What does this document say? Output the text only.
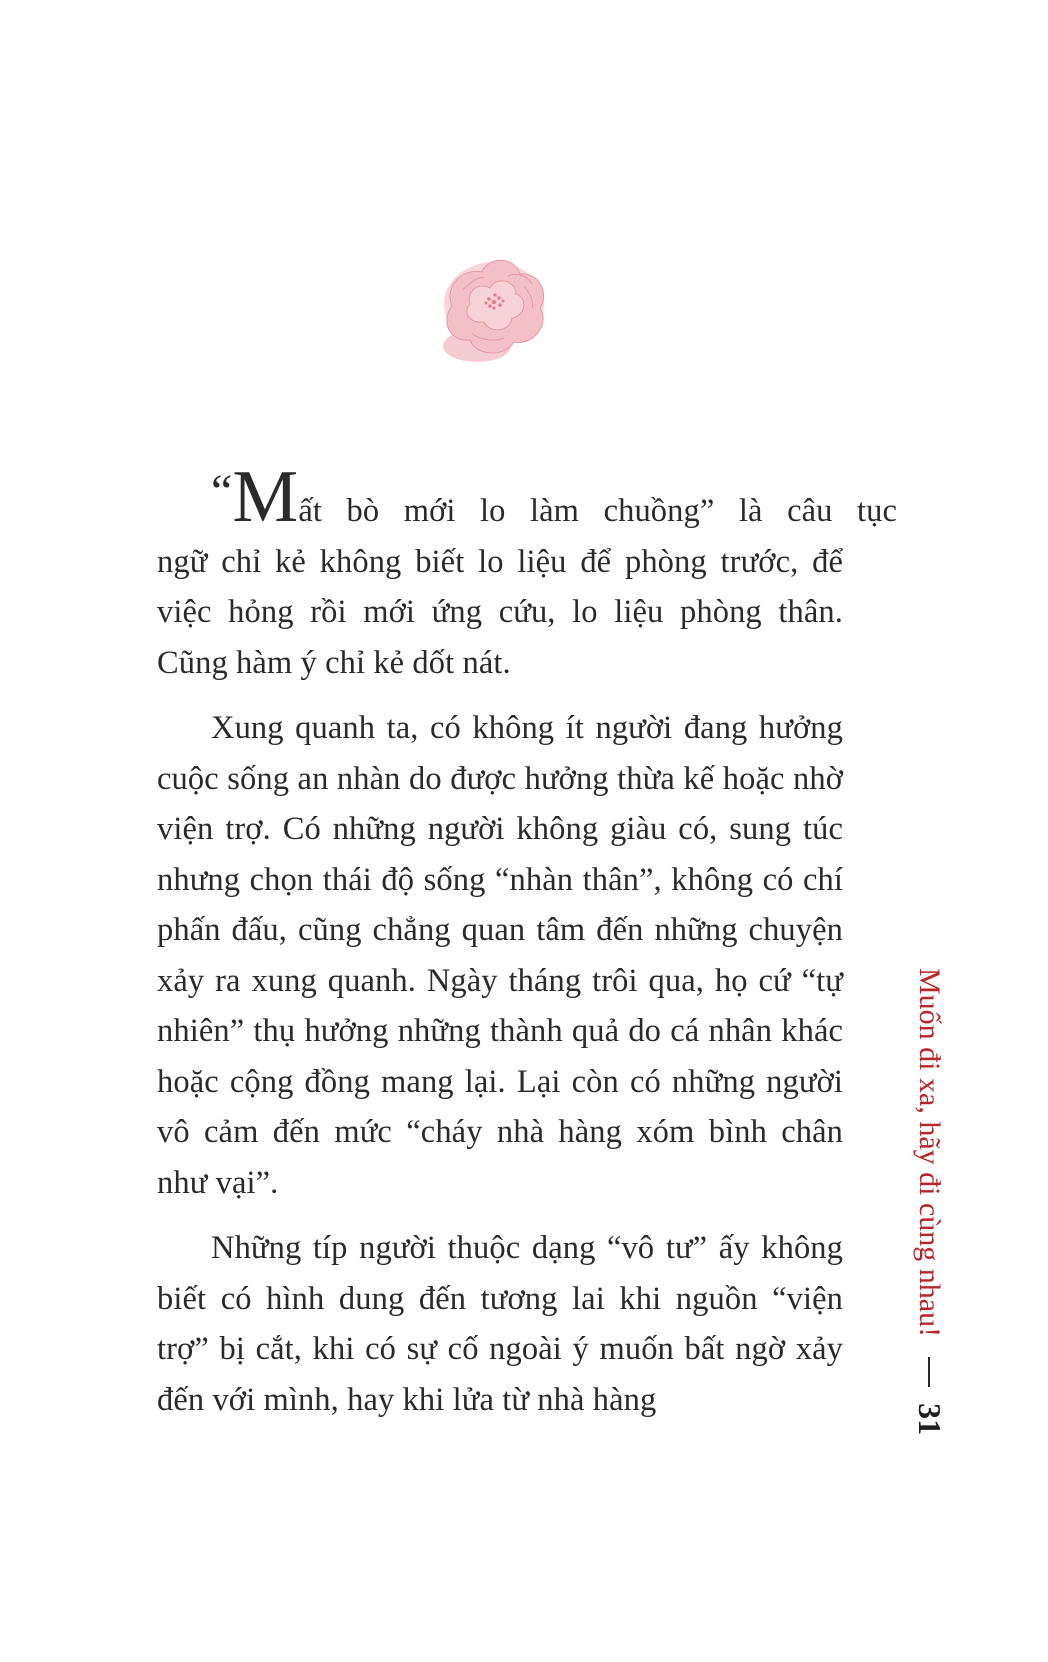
“Mất bò mới lo làm chuồng” là câu tục
ngữ chỉ kẻ không biết lo liệu để phòng trước, để việc hỏng rồi mới ứng cứu, lo liệu phòng thân. Cũng hàm ý chỉ kẻ dốt nát.

Xung quanh ta, có không ít người đang hưởng cuộc sống an nhàn do được hưởng thừa kế hoặc nhờ viện trợ. Có những người không giàu có, sung túc nhưng chọn thái độ sống “nhàn thân”, không có chí phấn đấu, cũng chẳng quan tâm đến những chuyện xảy ra xung quanh. Ngày tháng trôi qua, họ cứ “tự nhiên” thụ hưởng những thành quả do cá nhân khác hoặc cộng đồng mang lại. Lại còn có những người vô cảm đến mức “cháy nhà hàng xóm bình chân như vại”.

Những típ người thuộc dạng “vô tư” ấy không biết có hình dung đến tương lai khi nguồn “viện trợ” bị cắt, khi có sự cố ngoài ý muốn bất ngờ xảy đến với mình, hay khi lửa từ nhà hàng

Muốn đi xa, hãy đi cùng nhau!
31
